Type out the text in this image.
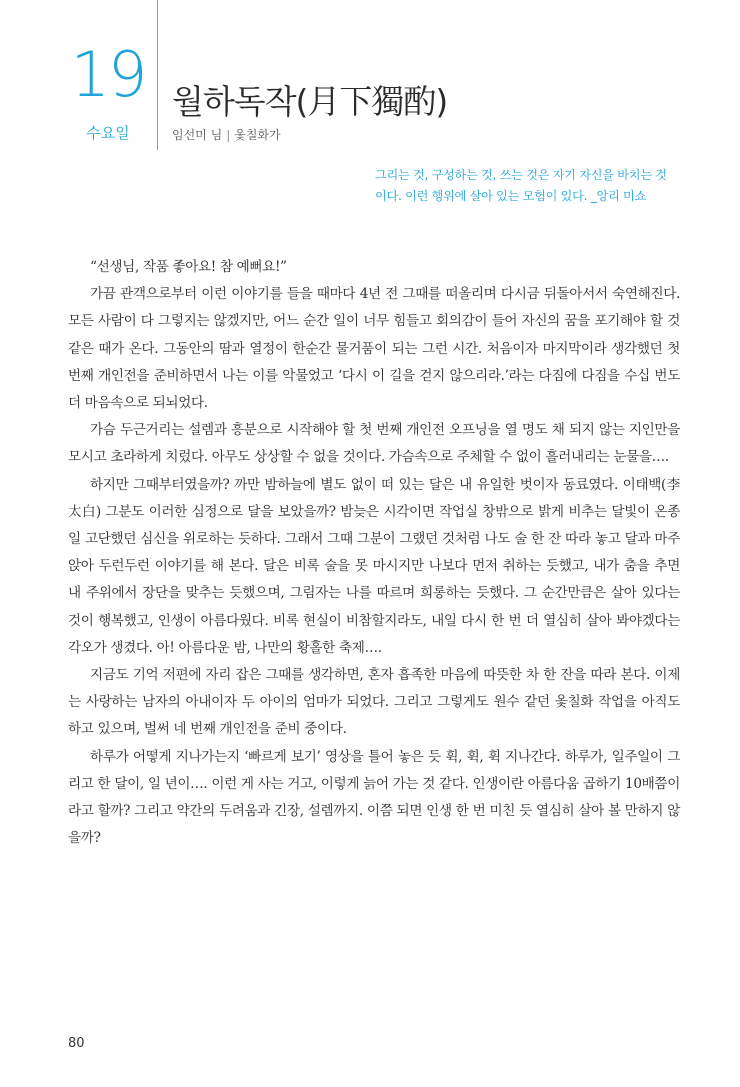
19
수요일
월하독작(月下獨酌)
임선미 님 | 옻칠화가
그리는 것, 구성하는 것, 쓰는 것은 자기 자신을 바치는 것이다. 이런 행위에 살아 있는 모험이 있다. _앙리 미쇼

“선생님, 작품 좋아요! 참 예뻐요!”

가끔 관객으로부터 이런 이야기를 들을 때마다 4년 전 그때를 떠올리며 다시금 뒤돌아서서 숙연해진다. 모든 사람이 다 그렇지는 않겠지만, 어느 순간 일이 너무 힘들고 회의감이 들어 자신의 꿈을 포기해야 할 것 같은 때가 온다. 그동안의 땀과 열정이 한순간 물거품이 되는 그런 시간. 처음이자 마지막이라 생각했던 첫 번째 개인전을 준비하면서 나는 이를 악물었고 ‘다시 이 길을 걷지 않으리라.’라는 다짐에 다짐을 수십 번도 더 마음속으로 되뇌었다.

가슴 두근거리는 설렘과 흥분으로 시작해야 할 첫 번째 개인전 오프닝을 열 명도 채 되지 않는 지인만을 모시고 초라하게 치렀다. 아무도 상상할 수 없을 것이다. 가슴속으로 주체할 수 없이 흘러내리는 눈물을….

하지만 그때부터였을까? 까만 밤하늘에 별도 없이 떠 있는 달은 내 유일한 벗이자 동료였다. 이태백(李太白) 그분도 이러한 심정으로 달을 보았을까? 밤늦은 시각이면 작업실 창밖으로 밝게 비추는 달빛이 온종일 고단했던 심신을 위로하는 듯하다. 그래서 그때 그분이 그랬던 것처럼 나도 술 한 잔 따라 놓고 달과 마주 앉아 두런두런 이야기를 해 본다. 달은 비록 술을 못 마시지만 나보다 먼저 취하는 듯했고, 내가 춤을 추면 내 주위에서 장단을 맞추는 듯했으며, 그림자는 나를 따르며 희롱하는 듯했다. 그 순간만큼은 살아 있다는 것이 행복했고, 인생이 아름다웠다. 비록 현실이 비참할지라도, 내일 다시 한 번 더 열심히 살아 봐야겠다는 각오가 생겼다. 아! 아름다운 밤, 나만의 황홀한 축제….

지금도 기억 저편에 자리 잡은 그때를 생각하면, 혼자 흡족한 마음에 따뜻한 차 한 잔을 따라 본다. 이제는 사랑하는 남자의 아내이자 두 아이의 엄마가 되었다. 그리고 그렇게도 원수 같던 옻칠화 작업을 아직도 하고 있으며, 벌써 네 번째 개인전을 준비 중이다.

하루가 어떻게 지나가는지 ‘빠르게 보기’ 영상을 틀어 놓은 듯 휙, 휙, 휙 지나간다. 하루가, 일주일이 그리고 한 달이, 일 년이…. 이런 게 사는 거고, 이렇게 늙어 가는 것 같다. 인생이란 아름다움 곱하기 10배쯤이라고 할까? 그리고 약간의 두려움과 긴장, 설렘까지. 이쯤 되면 인생 한 번 미친 듯 열심히 살아 볼 만하지 않을까?

80
